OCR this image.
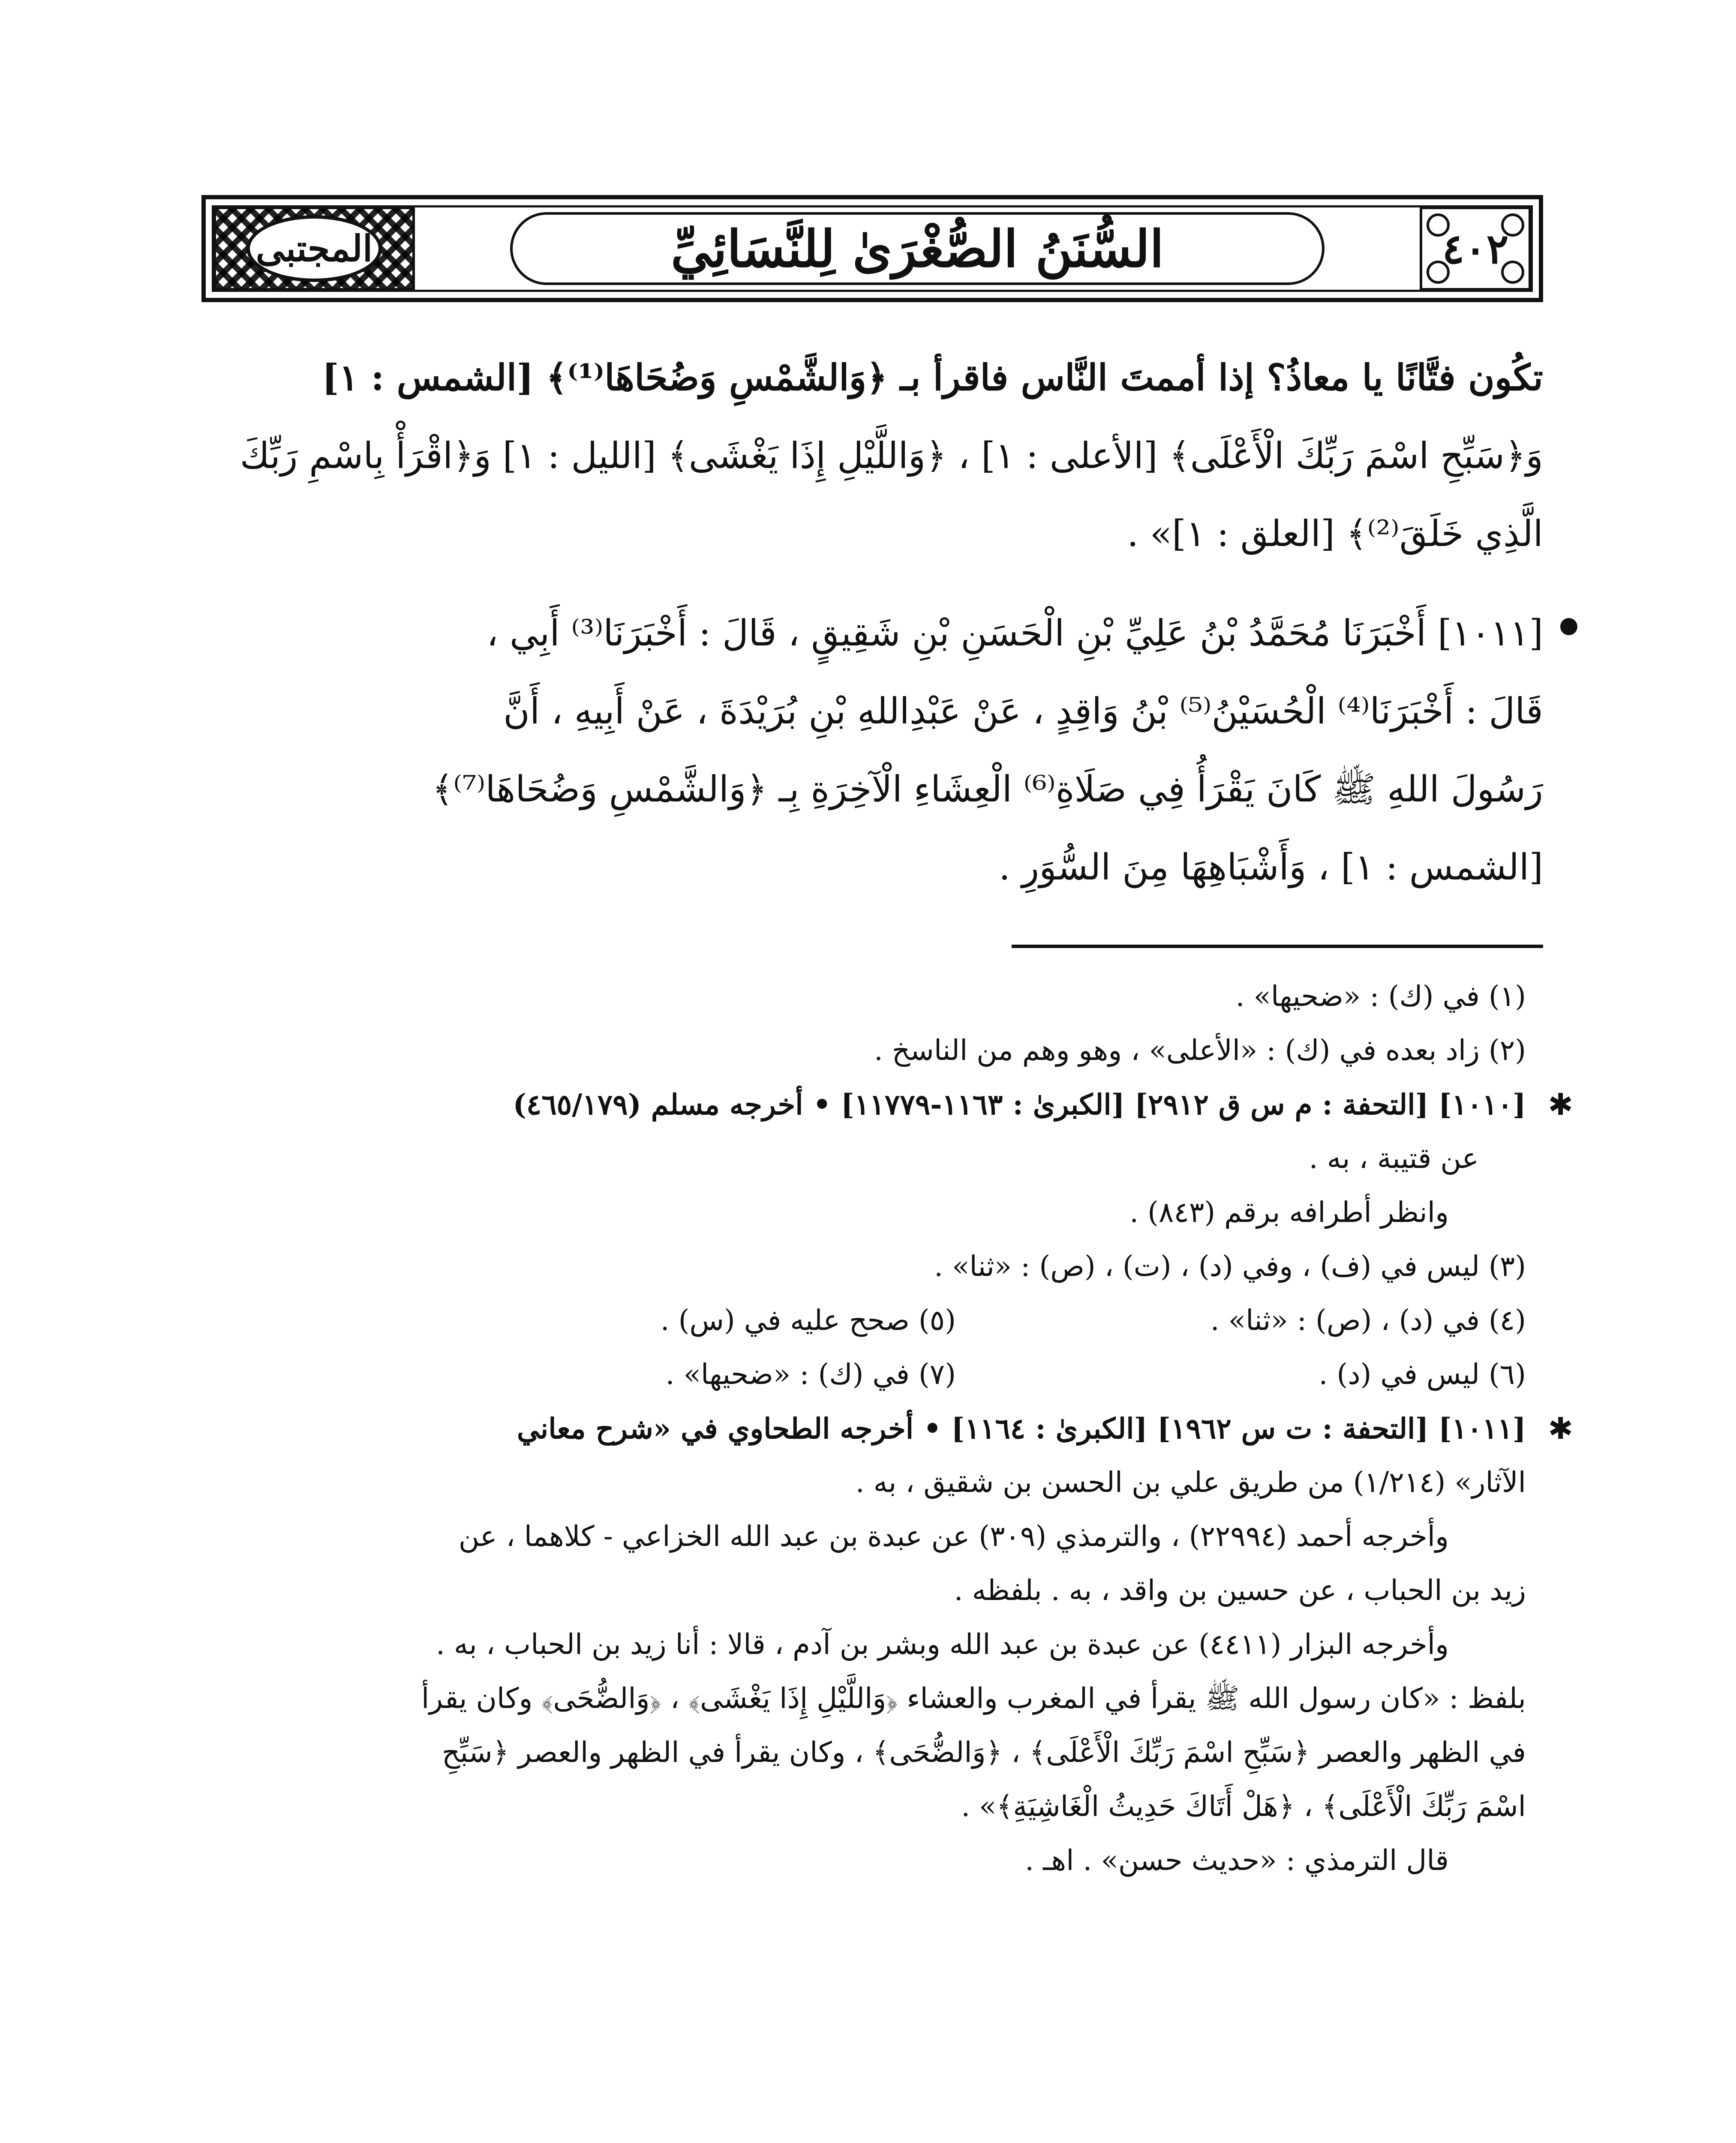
٤٠٢
السُّنَنُ الصُّغْرَىٰ لِلنَّسَائِيِّ
المجتبى

تكُون فتَّانًا يا معاذُ؟ إذا أممتَ النَّاس فاقرأ بـ ﴿وَالشَّمْسِ وَضُحَاهَا⁽¹⁾﴾ [الشمس : ١]

وَ﴿سَبِّحِ اسْمَ رَبِّكَ الْأَعْلَى﴾ [الأعلى : ١] ، ﴿وَاللَّيْلِ إِذَا يَغْشَى﴾ [الليل : ١] وَ﴿اقْرَأْ بِاسْمِ رَبِّكَ

الَّذِي خَلَقَ⁽²⁾﴾ [العلق : ١]» .

[١٠١١] أَخْبَرَنَا مُحَمَّدُ بْنُ عَلِيِّ بْنِ الْحَسَنِ بْنِ شَقِيقٍ ، قَالَ : أَخْبَرَنَا⁽³⁾ أَبِي ،

قَالَ : أَخْبَرَنَا⁽⁴⁾ الْحُسَيْنُ⁽⁵⁾ بْنُ وَاقِدٍ ، عَنْ عَبْدِاللهِ بْنِ بُرَيْدَةَ ، عَنْ أَبِيهِ ، أَنَّ

رَسُولَ اللهِ ﷺ كَانَ يَقْرَأُ فِي صَلَاةِ⁽⁶⁾ الْعِشَاءِ الْآخِرَةِ بِـ ﴿وَالشَّمْسِ وَضُحَاهَا⁽⁷⁾﴾

[الشمس : ١] ، وَأَشْبَاهِهَا مِنَ السُّوَرِ .

(١) في (ك) : «ضحيها» .

(٢) زاد بعده في (ك) : «الأعلى» ، وهو وهم من الناسخ .

✱

[١٠١٠] [التحفة : م س ق ٢٩١٢] [الكبرىٰ : ١١٦٣-١١٧٧٩] • أخرجه مسلم (٤٦٥/١٧٩)

عن قتيبة ، به .

وانظر أطرافه برقم (٨٤٣) .

(٣) ليس في (ف) ، وفي (د) ، (ت) ، (ص) : «ثنا» .

(٤) في (د) ، (ص) : «ثنا» .
(٥) صحح عليه في (س) .
(٦) ليس في (د) .
(٧) في (ك) : «ضحيها» .
✱

[١٠١١] [التحفة : ت س ١٩٦٢] [الكبرىٰ : ١١٦٤] • أخرجه الطحاوي في «شرح معاني

الآثار» (١/٢١٤) من طريق علي بن الحسن بن شقيق ، به .

وأخرجه أحمد (٢٢٩٩٤) ، والترمذي (٣٠٩) عن عبدة بن عبد الله الخزاعي - كلاهما ، عن

زيد بن الحباب ، عن حسين بن واقد ، به . بلفظه .

وأخرجه البزار (٤٤١١) عن عبدة بن عبد الله وبشر بن آدم ، قالا : أنا زيد بن الحباب ، به .

بلفظ : «كان رسول الله ﷺ يقرأ في المغرب والعشاء ﴿وَاللَّيْلِ إِذَا يَغْشَى﴾ ، ﴿وَالضُّحَى﴾ وكان يقرأ

في الظهر والعصر ﴿سَبِّحِ اسْمَ رَبِّكَ الْأَعْلَى﴾ ، ﴿وَالضُّحَى﴾ ، وكان يقرأ في الظهر والعصر ﴿سَبِّحِ

اسْمَ رَبِّكَ الْأَعْلَى﴾ ، ﴿هَلْ أَتَاكَ حَدِيثُ الْغَاشِيَةِ﴾» .

قال الترمذي : «حديث حسن» . اهـ .
